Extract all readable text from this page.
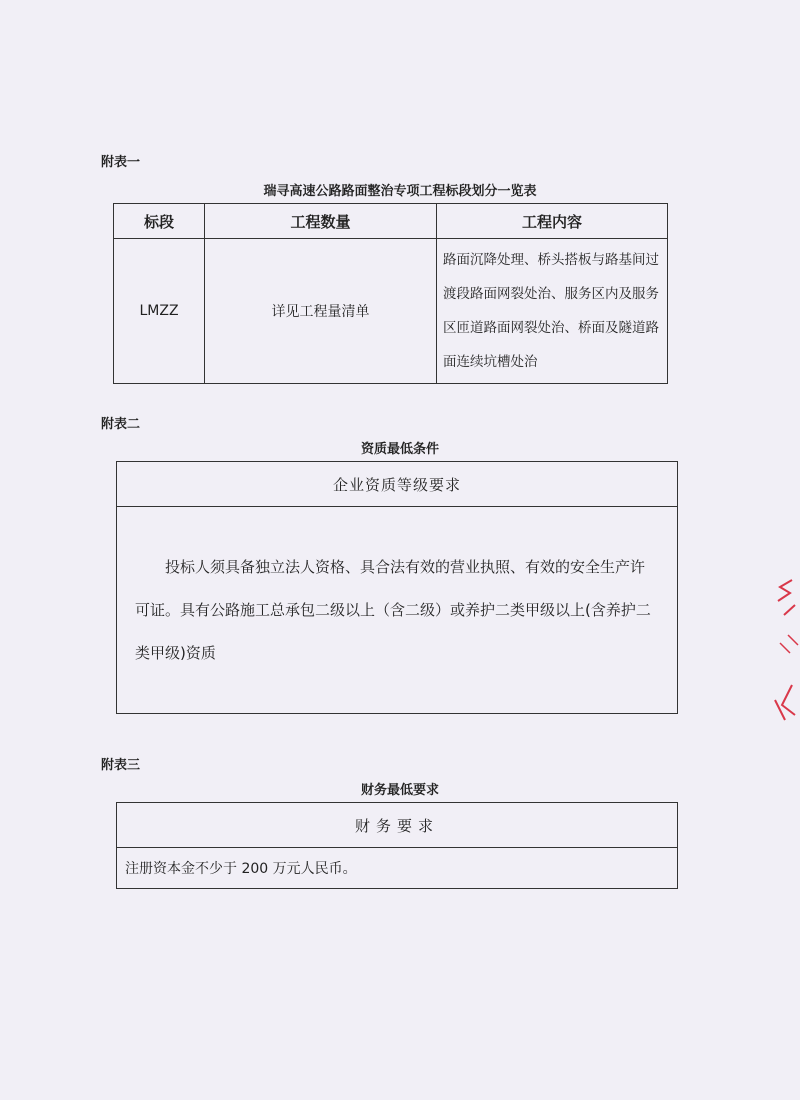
附表一
瑞寻高速公路路面整治专项工程标段划分一览表
标段	工程数量	工程内容
LMZZ	详见工程量清单	路面沉降处理、桥头搭板与路基间过渡段路面网裂处治、服务区内及服务区匝道路面网裂处治、桥面及隧道路面连续坑槽处治
附表二
资质最低条件
企业资质等级要求

投标人须具备独立法人资格、具合法有效的营业执照、有效的安全生产许可证。具有公路施工总承包二级以上（含二级）或养护二类甲级以上(含养护二类甲级)资质
附表三
财务最低要求
财务要求
注册资本金不少于 200 万元人民币。
